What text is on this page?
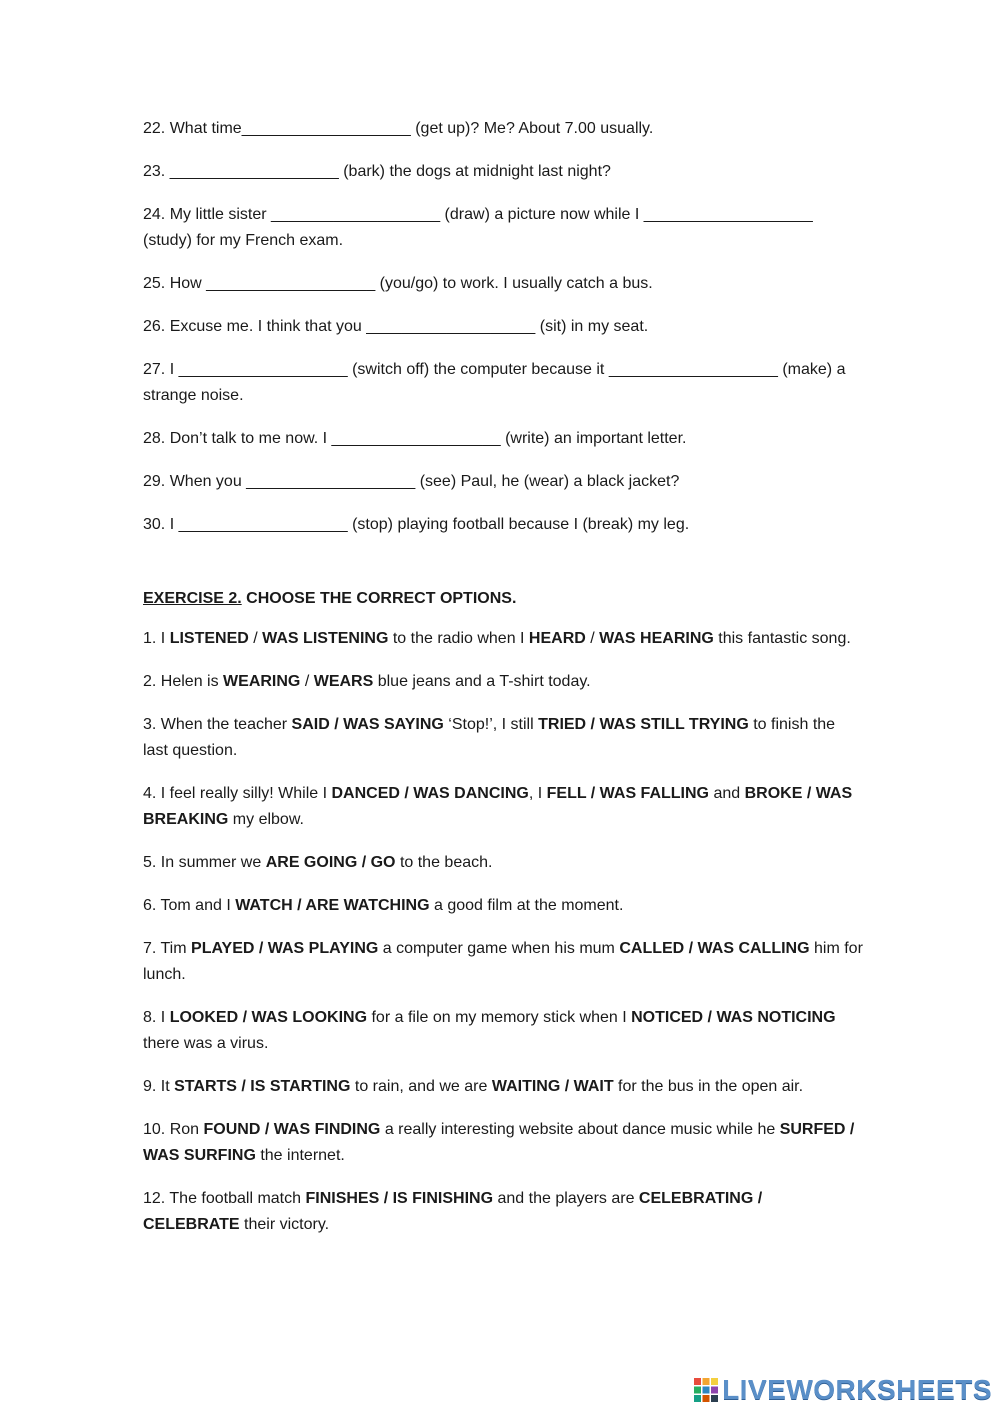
22. What time___________________ (get up)? Me? About 7.00 usually.
23. ___________________ (bark) the dogs at midnight last night?
24. My little sister ___________________ (draw) a picture now while I ___________________ (study) for my French exam.
25. How ___________________ (you/go) to work. I usually catch a bus.
26. Excuse me. I think that you ___________________ (sit) in my seat.
27. I ___________________ (switch off) the computer because it ___________________ (make) a strange noise.
28. Don’t talk to me now. I ___________________ (write) an important letter.
29. When you ___________________ (see) Paul, he (wear) a black jacket?
30. I ___________________ (stop) playing football because I (break) my leg.
EXERCISE 2. CHOOSE THE CORRECT OPTIONS.
1. I LISTENED / WAS LISTENING to the radio when I HEARD / WAS HEARING this fantastic song.
2. Helen is WEARING / WEARS blue jeans and a T-shirt today.
3. When the teacher SAID / WAS SAYING ‘Stop!’, I still TRIED / WAS STILL TRYING to finish the last question.
4. I feel really silly! While I DANCED / WAS DANCING, I FELL / WAS FALLING and BROKE / WAS BREAKING my elbow.
5. In summer we ARE GOING / GO to the beach.
6. Tom and I WATCH / ARE WATCHING a good film at the moment.
7. Tim PLAYED / WAS PLAYING a computer game when his mum CALLED / WAS CALLING him for lunch.
8. I LOOKED / WAS LOOKING for a file on my memory stick when I NOTICED / WAS NOTICING there was a virus.
9. It STARTS / IS STARTING to rain, and we are WAITING / WAIT for the bus in the open air.
10. Ron FOUND / WAS FINDING a really interesting website about dance music while he SURFED / WAS SURFING the internet.
12. The football match FINISHES / IS FINISHING and the players are CELEBRATING / CELEBRATE their victory.
LIVEWORKSHEETS
